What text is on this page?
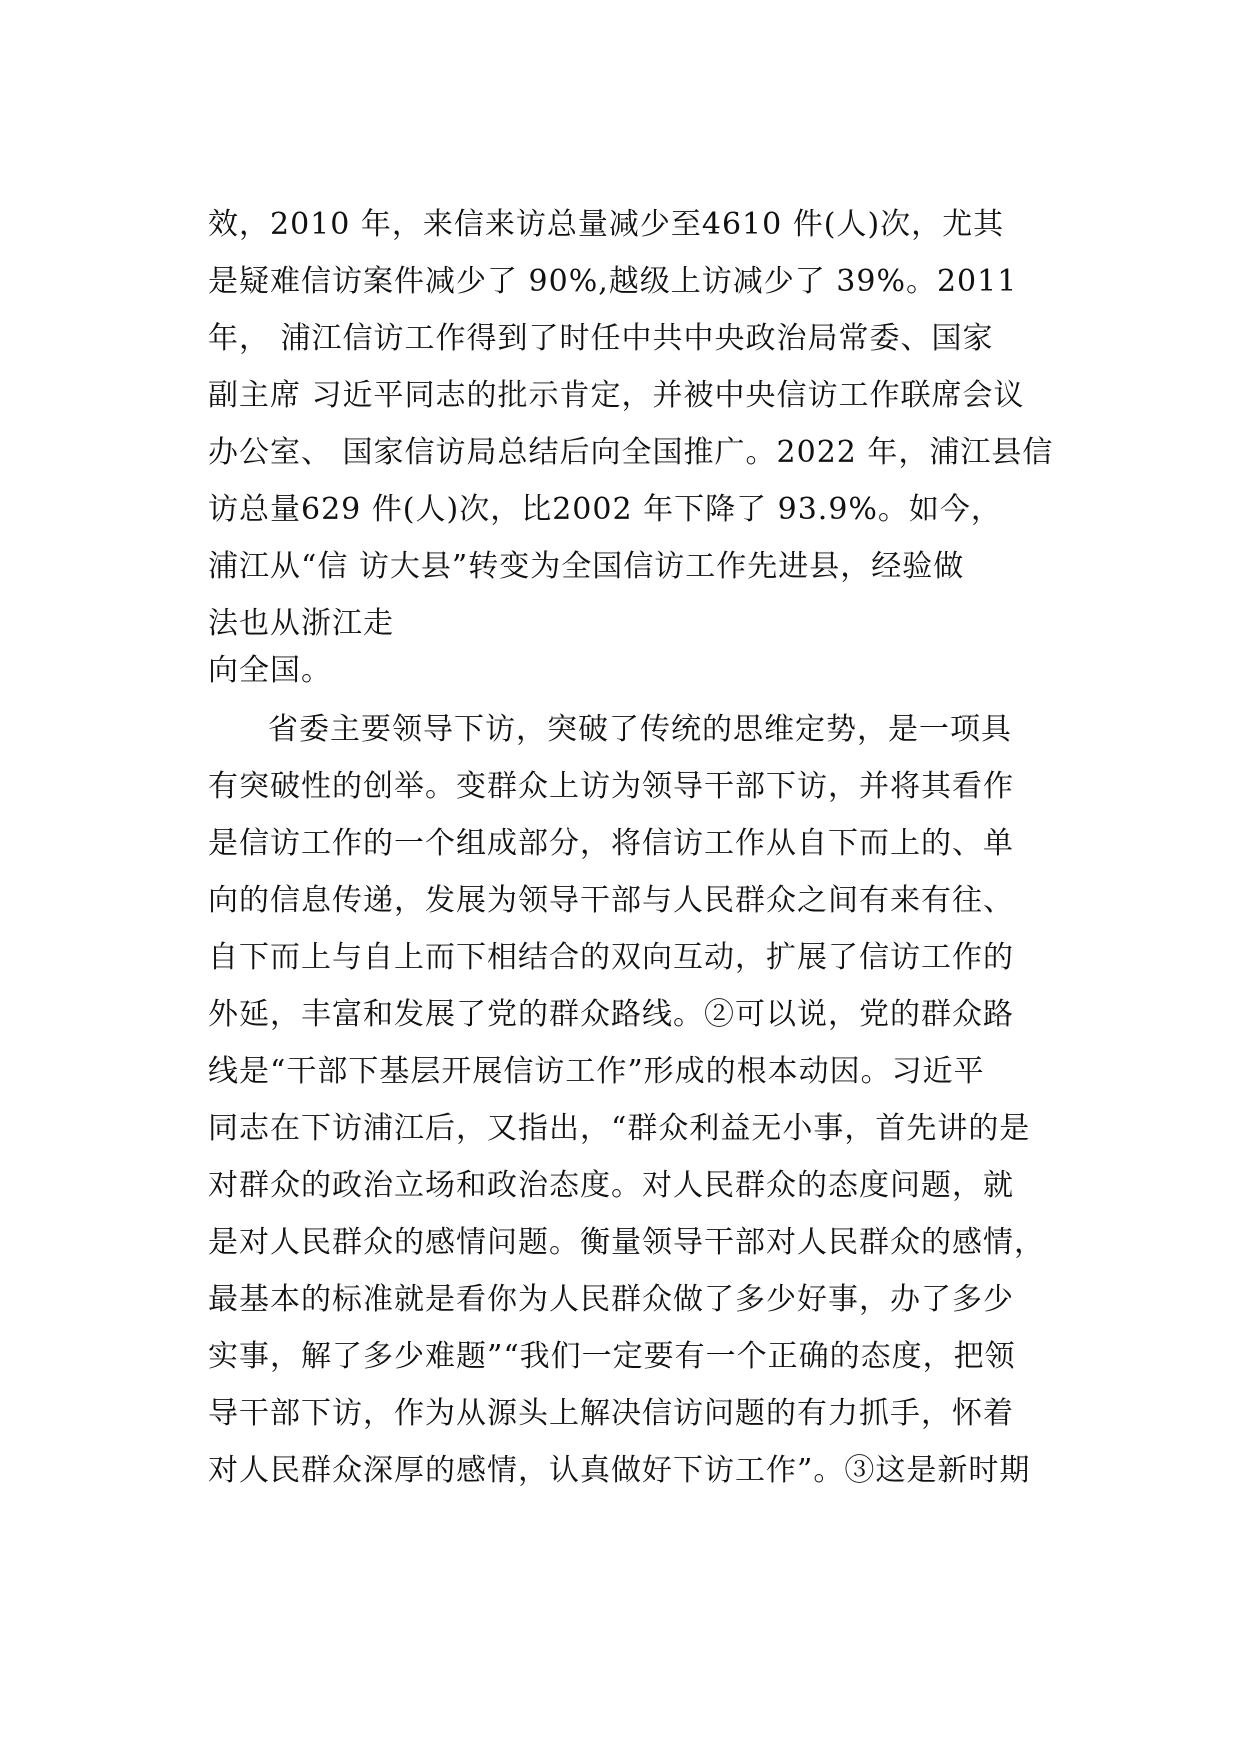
效，2010 年，来信来访总量减少至4610 件(人)次，尤其
是疑难信访案件减少了 90%,越级上访减少了 39%。2011
年， 浦江信访工作得到了时任中共中央政治局常委、国家
副主席 习近平同志的批示肯定，并被中央信访工作联席会议
办公室、 国家信访局总结后向全国推广。2022 年，浦江县信
访总量629 件(人)次，比2002 年下降了 93.9%。如今，
浦江从“信 访大县”转变为全国信访工作先进县，经验做
法也从浙江走
向全国。
省委主要领导下访，突破了传统的思维定势，是一项具
有突破性的创举。变群众上访为领导干部下访，并将其看作
是信访工作的一个组成部分，将信访工作从自下而上的、单
向的信息传递，发展为领导干部与人民群众之间有来有往、
自下而上与自上而下相结合的双向互动，扩展了信访工作的
外延，丰富和发展了党的群众路线。②可以说，党的群众路
线是“干部下基层开展信访工作”形成的根本动因。习近平
同志在下访浦江后，又指出，“群众利益无小事，首先讲的是
对群众的政治立场和政治态度。对人民群众的态度问题，就
是对人民群众的感情问题。衡量领导干部对人民群众的感情，
最基本的标准就是看你为人民群众做了多少好事，办了多少
实事，解了多少难题”“我们一定要有一个正确的态度，把领
导干部下访，作为从源头上解决信访问题的有力抓手，怀着
对人民群众深厚的感情，认真做好下访工作”。③这是新时期
